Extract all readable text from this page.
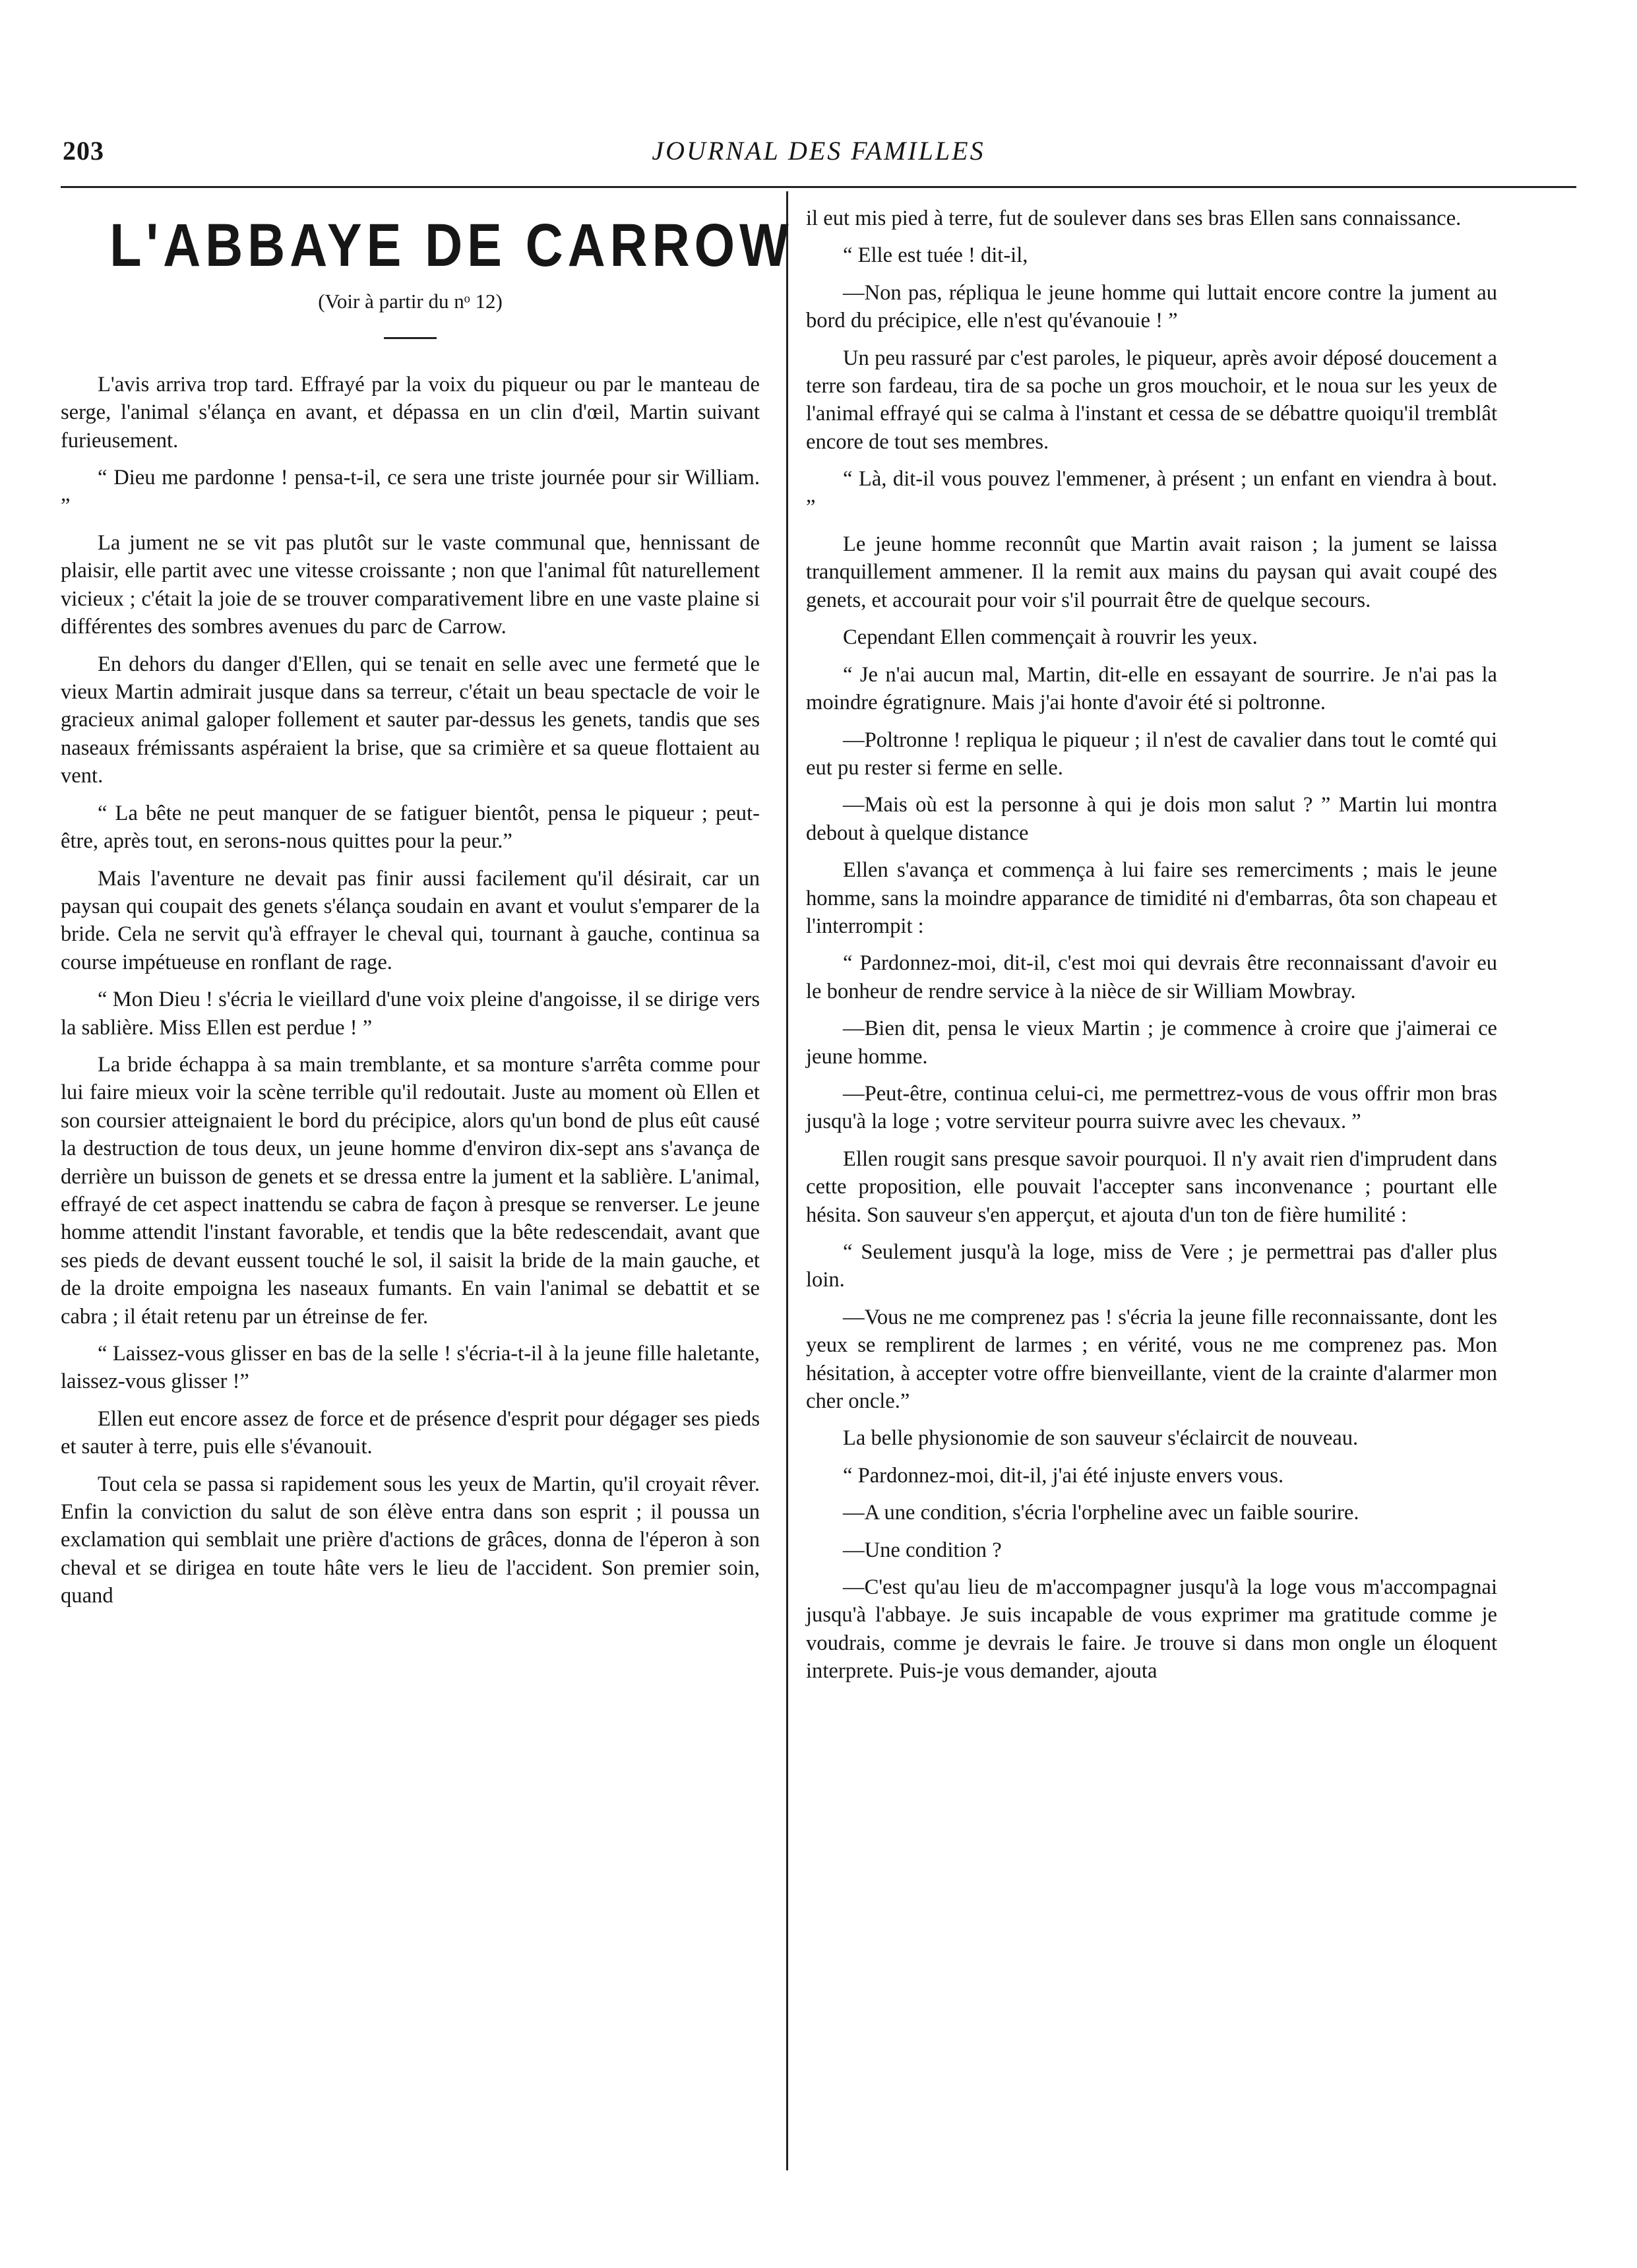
203	JOURNAL DES FAMILLES
L'ABBAYE DE CARROW
(Voir à partir du nᵒ 12)

L'avis arriva trop tard. Effrayé par la voix du piqueur ou par le manteau de serge, l'animal s'élança en avant, et dépassa en un clin d'œil, Martin suivant furieusement.

“ Dieu me pardonne ! pensa-t-il, ce sera une triste journée pour sir William. ”

La jument ne se vit pas plutôt sur le vaste communal que, hennissant de plaisir, elle partit avec une vitesse croissante ; non que l'animal fût naturellement vicieux ; c'était la joie de se trouver comparativement libre en une vaste plaine si différentes des sombres avenues du parc de Carrow.

En dehors du danger d'Ellen, qui se tenait en selle avec une fermeté que le vieux Martin admirait jusque dans sa terreur, c'était un beau spectacle de voir le gracieux animal galoper follement et sauter par-dessus les genets, tandis que ses naseaux frémissants aspéraient la brise, que sa crimière et sa queue flottaient au vent.

“ La bête ne peut manquer de se fatiguer bientôt, pensa le piqueur ; peut-être, après tout, en serons-nous quittes pour la peur.”

Mais l'aventure ne devait pas finir aussi facilement qu'il désirait, car un paysan qui coupait des genets s'élança soudain en avant et voulut s'emparer de la bride. Cela ne servit qu'à effrayer le cheval qui, tournant à gauche, continua sa course impétueuse en ronflant de rage.

“ Mon Dieu ! s'écria le vieillard d'une voix pleine d'angoisse, il se dirige vers la sablière. Miss Ellen est perdue ! ”

La bride échappa à sa main tremblante, et sa monture s'arrêta comme pour lui faire mieux voir la scène terrible qu'il redoutait. Juste au moment où Ellen et son coursier atteignaient le bord du précipice, alors qu'un bond de plus eût causé la destruction de tous deux, un jeune homme d'environ dix-sept ans s'avança de derrière un buisson de genets et se dressa entre la jument et la sablière. L'animal, effrayé de cet aspect inattendu se cabra de façon à presque se renverser. Le jeune homme attendit l'instant favorable, et tendis que la bête redescendait, avant que ses pieds de devant eussent touché le sol, il saisit la bride de la main gauche, et de la droite empoigna les naseaux fumants. En vain l'animal se debattit et se cabra ; il était retenu par un étreinse de fer.

“ Laissez-vous glisser en bas de la selle ! s'écria-t-il à la jeune fille haletante, laissez-vous glisser !”

Ellen eut encore assez de force et de présence d'esprit pour dégager ses pieds et sauter à terre, puis elle s'évanouit.

Tout cela se passa si rapidement sous les yeux de Martin, qu'il croyait rêver. Enfin la conviction du salut de son élève entra dans son esprit ; il poussa un exclamation qui semblait une prière d'actions de grâces, donna de l'éperon à son cheval et se dirigea en toute hâte vers le lieu de l'accident. Son premier soin, quand

il eut mis pied à terre, fut de soulever dans ses bras Ellen sans connaissance.

“ Elle est tuée ! dit-il,

—Non pas, répliqua le jeune homme qui luttait encore contre la jument au bord du précipice, elle n'est qu'évanouie ! ”

Un peu rassuré par c'est paroles, le piqueur, après avoir déposé doucement a terre son fardeau, tira de sa poche un gros mouchoir, et le noua sur les yeux de l'animal effrayé qui se calma à l'instant et cessa de se débattre quoiqu'il tremblât encore de tout ses membres.

“ Là, dit-il vous pouvez l'emmener, à présent ; un enfant en viendra à bout. ”

Le jeune homme reconnût que Martin avait raison ; la jument se laissa tranquillement ammener. Il la remit aux mains du paysan qui avait coupé des genets, et accourait pour voir s'il pourrait être de quelque secours.

Cependant Ellen commençait à rouvrir les yeux.

“ Je n'ai aucun mal, Martin, dit-elle en essayant de sourrire. Je n'ai pas la moindre égratignure. Mais j'ai honte d'avoir été si poltronne.

—Poltronne ! repliqua le piqueur ; il n'est de cavalier dans tout le comté qui eut pu rester si ferme en selle.

—Mais où est la personne à qui je dois mon salut ? ” Martin lui montra debout à quelque distance

Ellen s'avança et commença à lui faire ses remerciments ; mais le jeune homme, sans la moindre apparance de timidité ni d'embarras, ôta son chapeau et l'interrompit :

“ Pardonnez-moi, dit-il, c'est moi qui devrais être reconnaissant d'avoir eu le bonheur de rendre service à la nièce de sir William Mowbray.

—Bien dit, pensa le vieux Martin ; je commence à croire que j'aimerai ce jeune homme.

—Peut-être, continua celui-ci, me permettrez-vous de vous offrir mon bras jusqu'à la loge ; votre serviteur pourra suivre avec les chevaux. ”

Ellen rougit sans presque savoir pourquoi. Il n'y avait rien d'imprudent dans cette proposition, elle pouvait l'accepter sans inconvenance ; pourtant elle hésita. Son sauveur s'en apperçut, et ajouta d'un ton de fière humilité :

“ Seulement jusqu'à la loge, miss de Vere ; je permettrai pas d'aller plus loin.

—Vous ne me comprenez pas ! s'écria la jeune fille reconnaissante, dont les yeux se remplirent de larmes ; en vérité, vous ne me comprenez pas. Mon hésitation, à accepter votre offre bienveillante, vient de la crainte d'alarmer mon cher oncle.”

La belle physionomie de son sauveur s'éclaircit de nouveau.

“ Pardonnez-moi, dit-il, j'ai été injuste envers vous.

—A une condition, s'écria l'orpheline avec un faible sourire.

—Une condition ?

—C'est qu'au lieu de m'accompagner jusqu'à la loge vous m'accompagnai jusqu'à l'abbaye. Je suis incapable de vous exprimer ma gratitude comme je voudrais, comme je devrais le faire. Je trouve si dans mon ongle un éloquent interprete. Puis-je vous demander, ajouta
